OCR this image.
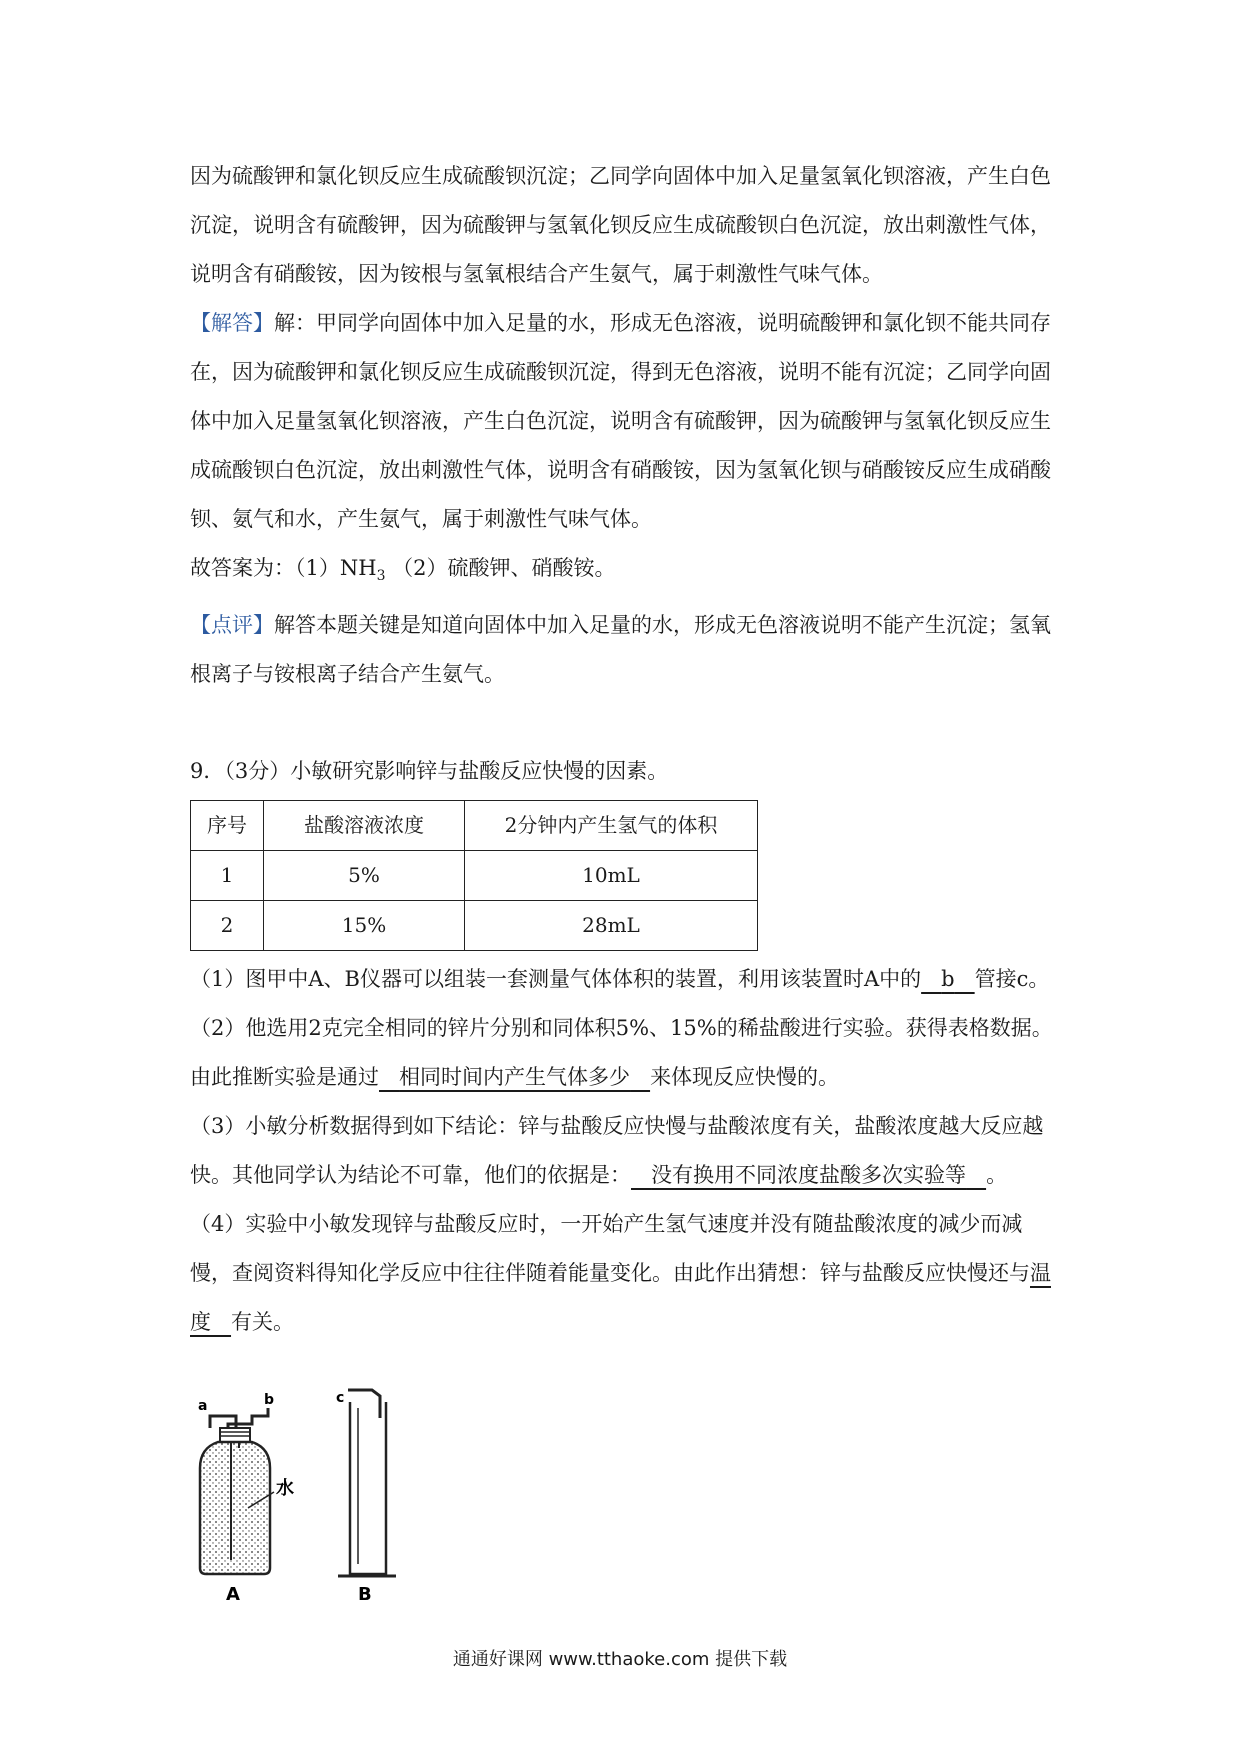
因为硫酸钾和氯化钡反应生成硫酸钡沉淀；乙同学向固体中加入足量氢氧化钡溶液，产生白色沉淀，说明含有硫酸钾，因为硫酸钾与氢氧化钡反应生成硫酸钡白色沉淀，放出刺激性气体，说明含有硝酸铵，因为铵根与氢氧根结合产生氨气，属于刺激性气味气体。

【解答】解：甲同学向固体中加入足量的水，形成无色溶液，说明硫酸钾和氯化钡不能共同存在，因为硫酸钾和氯化钡反应生成硫酸钡沉淀，得到无色溶液，说明不能有沉淀；乙同学向固体中加入足量氢氧化钡溶液，产生白色沉淀，说明含有硫酸钾，因为硫酸钾与氢氧化钡反应生成硫酸钡白色沉淀，放出刺激性气体，说明含有硝酸铵，因为氢氧化钡与硝酸铵反应生成硝酸钡、氨气和水，产生氨气，属于刺激性气味气体。

故答案为：$(1)NH_3$ （2）硫酸钾、硝酸铵。

【点评】解答本题关键是知道向固体中加入足量的水，形成无色溶液说明不能产生沉淀；氢氧根离子与铵根离子结合产生氨气。

9．（3分）小敏研究影响锌与盐酸反应快慢的因素。

序号	盐酸溶液浓度	2分钟内产生氢气的体积
1	5%	10mL
2	15%	28mL

（1）图甲中A、B仪器可以组装一套测量气体体积的装置，利用该装置时A中的 b 管接c。

（2）他选用2克完全相同的锌片分别和同体积5%、15%的稀盐酸进行实验。获得表格数据。由此推断实验是通过 相同时间内产生气体多少 来体现反应快慢的。

（3）小敏分析数据得到如下结论：锌与盐酸反应快慢与盐酸浓度有关，盐酸浓度越大反应越快。其他同学认为结论不可靠，他们的依据是： 没有换用不同浓度盐酸多次实验等 。

（4）实验中小敏发现锌与盐酸反应时，一开始产生氢气速度并没有随盐酸浓度的减少而减慢，查阅资料得知化学反应中往往伴随着能量变化。由此作出猜想：锌与盐酸反应快慢还与温度 有关。

a	b
水
A
c
B
通通好课网 www.tthaoke.com 提供下载
